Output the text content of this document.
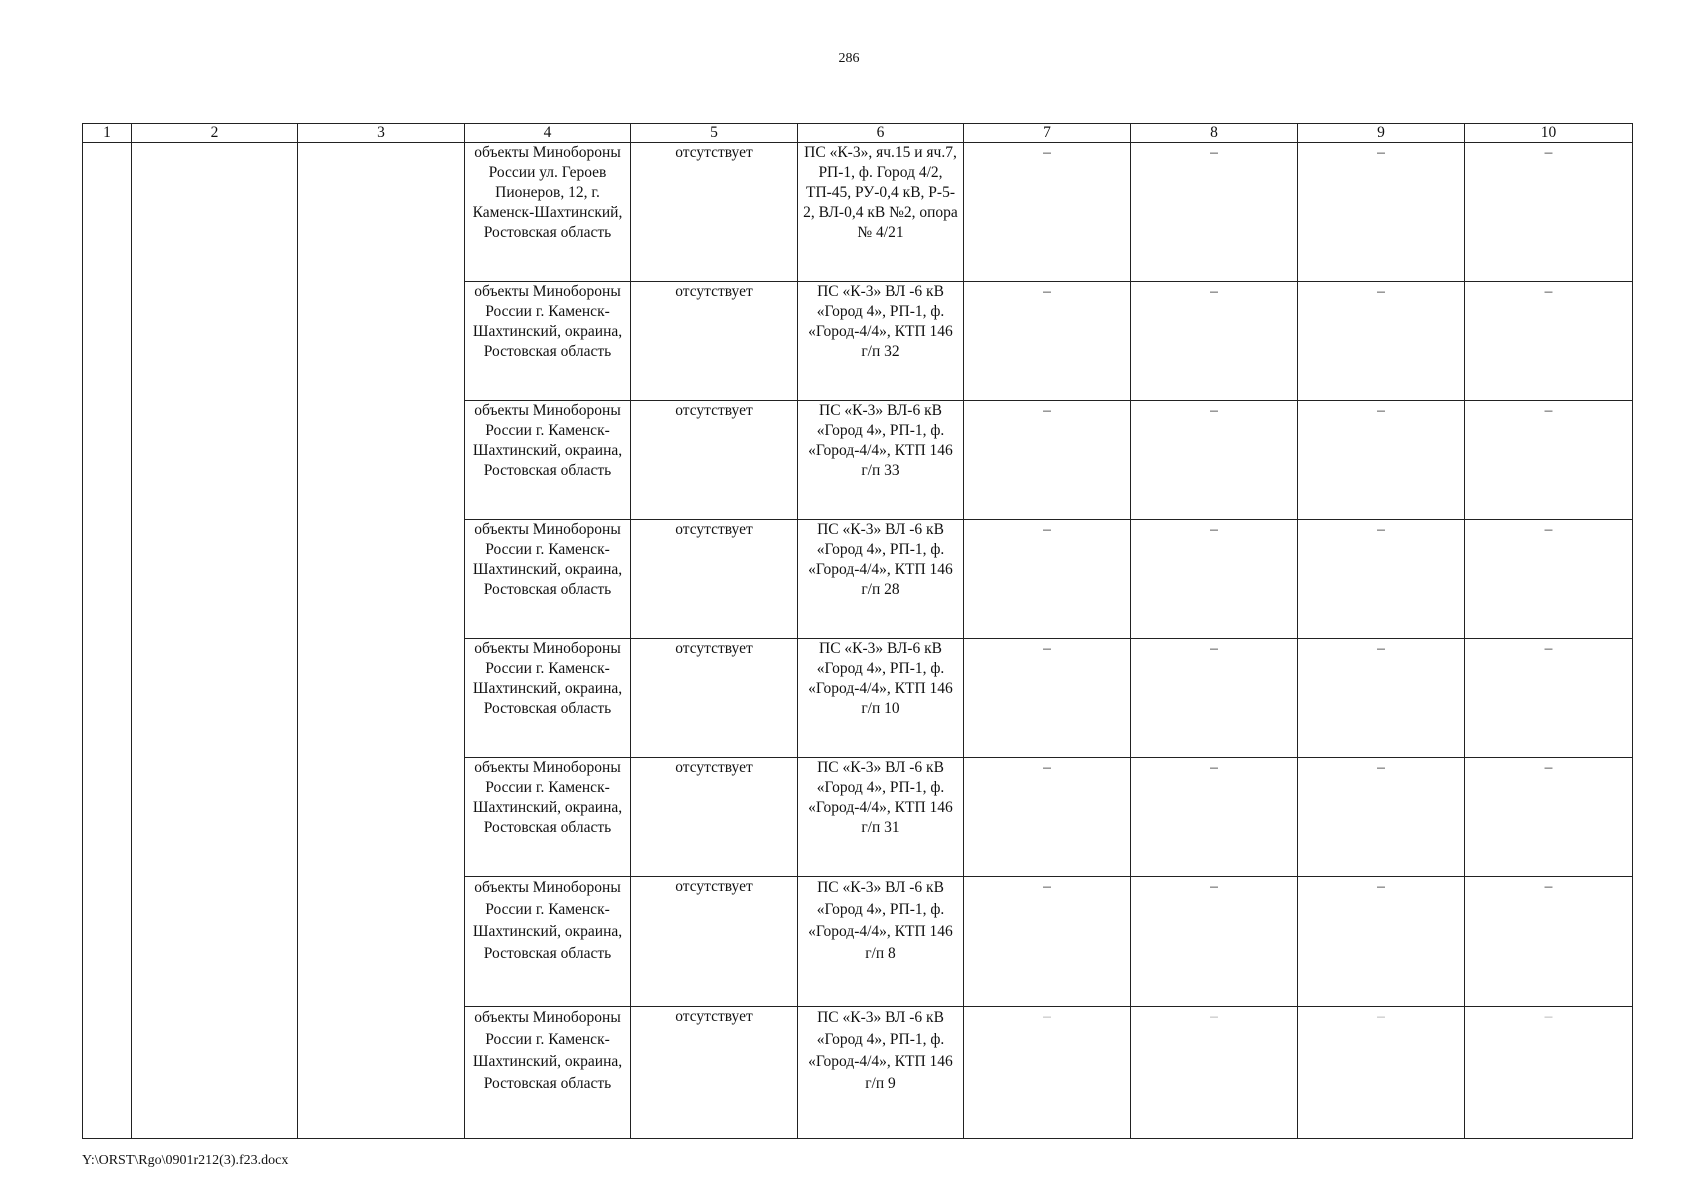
286
1	2	3	4	5	6	7	8	9	10
			объекты Минобороны России ул. Героев Пионеров, 12, г. Каменск-Шахтинский, Ростовская область	отсутствует	ПС «К-3», яч.15 и яч.7, РП-1, ф. Город 4/2, ТП-45, РУ-0,4 кВ, Р-5-2, ВЛ-0,4 кВ №2, опора № 4/21	–	–	–	–
			объекты Минобороны России г. Каменск-Шахтинский, окраина, Ростовская область	отсутствует	ПС «К-3» ВЛ -6 кВ «Город 4», РП-1, ф. «Город-4/4», КТП 146 г/п 32	–	–	–	–
			объекты Минобороны России г. Каменск-Шахтинский, окраина, Ростовская область	отсутствует	ПС «К-3» ВЛ-6 кВ «Город 4», РП-1, ф. «Город-4/4», КТП 146 г/п 33	–	–	–	–
			объекты Минобороны России г. Каменск-Шахтинский, окраина, Ростовская область	отсутствует	ПС «К-3» ВЛ -6 кВ «Город 4», РП-1, ф. «Город-4/4», КТП 146 г/п 28	–	–	–	–
			объекты Минобороны России г. Каменск-Шахтинский, окраина, Ростовская область	отсутствует	ПС «К-3» ВЛ-6 кВ «Город 4», РП-1, ф. «Город-4/4», КТП 146 г/п 10	–	–	–	–
			объекты Минобороны России г. Каменск-Шахтинский, окраина, Ростовская область	отсутствует	ПС «К-3» ВЛ -6 кВ «Город 4», РП-1, ф. «Город-4/4», КТП 146 г/п 31	–	–	–	–
			объекты Минобороны России г. Каменск-Шахтинский, окраина, Ростовская область	отсутствует	ПС «К-3» ВЛ -6 кВ «Город 4», РП-1, ф. «Город-4/4», КТП 146 г/п 8	–	–	–	–
			объекты Минобороны России г. Каменск-Шахтинский, окраина, Ростовская область	отсутствует	ПС «К-3» ВЛ -6 кВ «Город 4», РП-1, ф. «Город-4/4», КТП 146 г/п 9	–	–	–	–
Y:\ORST\Rgo\0901r212(3).f23.docx
